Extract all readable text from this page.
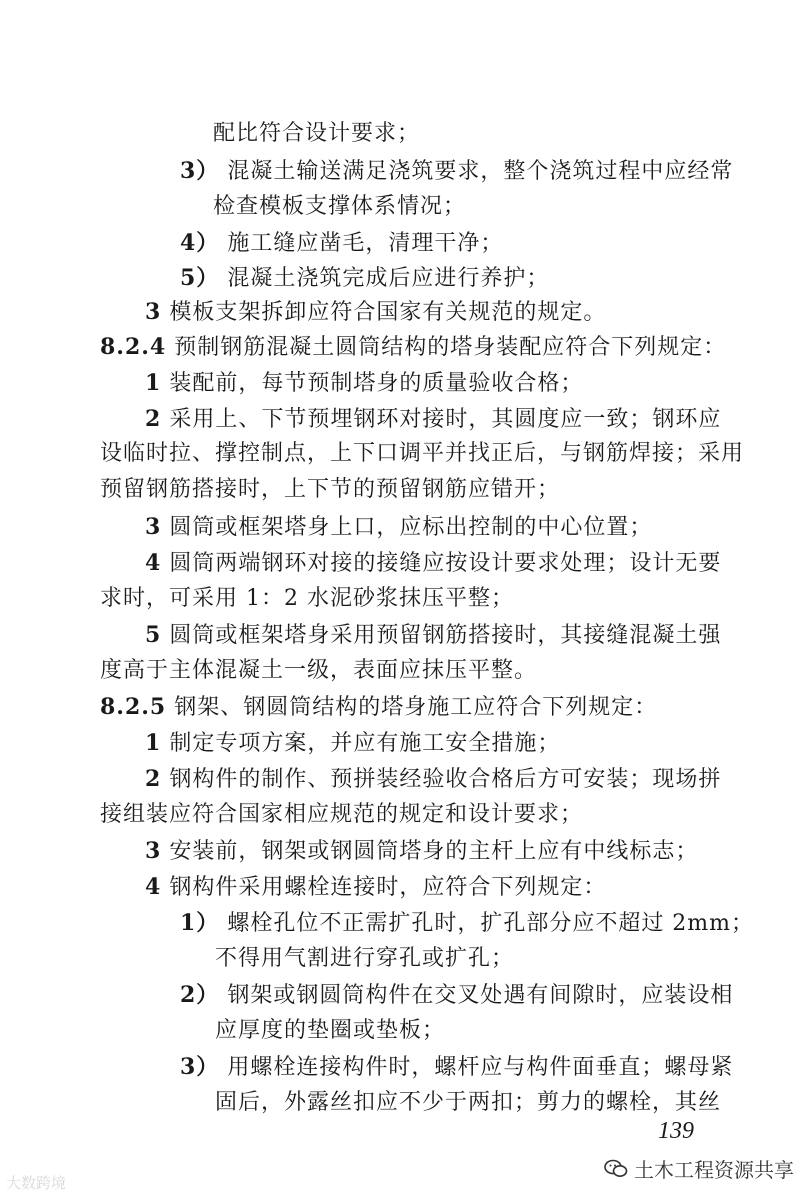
配比符合设计要求；
3） 混凝土输送满足浇筑要求，整个浇筑过程中应经常
检查模板支撑体系情况；
4） 施工缝应凿毛，清理干净；
5） 混凝土浇筑完成后应进行养护；
3 模板支架拆卸应符合国家有关规范的规定。
8.2.4 预制钢筋混凝土圆筒结构的塔身装配应符合下列规定：
1 装配前，每节预制塔身的质量验收合格；
2 采用上、下节预埋钢环对接时，其圆度应一致；钢环应
设临时拉、撑控制点，上下口调平并找正后，与钢筋焊接；采用
预留钢筋搭接时，上下节的预留钢筋应错开；
3 圆筒或框架塔身上口，应标出控制的中心位置；
4 圆筒两端钢环对接的接缝应按设计要求处理；设计无要
求时，可采用 1：2 水泥砂浆抹压平整；
5 圆筒或框架塔身采用预留钢筋搭接时，其接缝混凝土强
度高于主体混凝土一级，表面应抹压平整。
8.2.5 钢架、钢圆筒结构的塔身施工应符合下列规定：
1 制定专项方案，并应有施工安全措施；
2 钢构件的制作、预拼装经验收合格后方可安装；现场拼
接组装应符合国家相应规范的规定和设计要求；
3 安装前，钢架或钢圆筒塔身的主杆上应有中线标志；
4 钢构件采用螺栓连接时，应符合下列规定：
1） 螺栓孔位不正需扩孔时，扩孔部分应不超过 2mm；
不得用气割进行穿孔或扩孔；
2） 钢架或钢圆筒构件在交叉处遇有间隙时，应装设相
应厚度的垫圈或垫板；
3） 用螺栓连接构件时，螺杆应与构件面垂直；螺母紧
固后，外露丝扣应不少于两扣；剪力的螺栓，其丝
139
大数跨境
土木工程资源共享
